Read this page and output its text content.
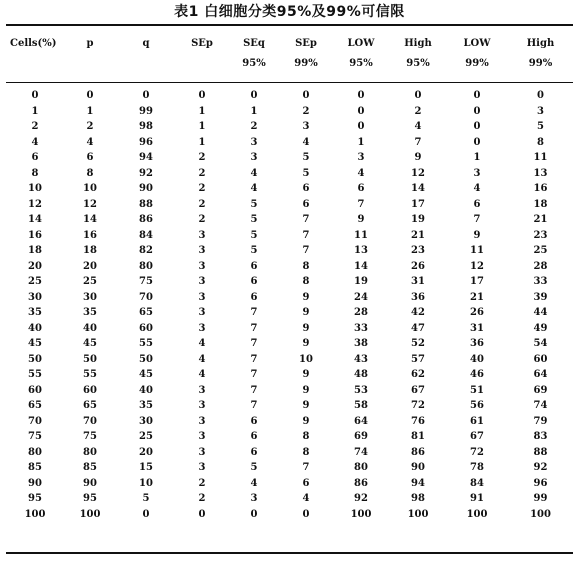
表1 白细胞分类95%及99%可信限
Cells(%)	p	q	SEp	SEq	SEp	LOW	High	LOW	High
				95%	99%	95%	95%	99%	99%
0	0	0	0	0	0	0	0	0	0
1	1	99	1	1	2	0	2	0	3
2	2	98	1	2	3	0	4	0	5
4	4	96	1	3	4	1	7	0	8
6	6	94	2	3	5	3	9	1	11
8	8	92	2	4	5	4	12	3	13
10	10	90	2	4	6	6	14	4	16
12	12	88	2	5	6	7	17	6	18
14	14	86	2	5	7	9	19	7	21
16	16	84	3	5	7	11	21	9	23
18	18	82	3	5	7	13	23	11	25
20	20	80	3	6	8	14	26	12	28
25	25	75	3	6	8	19	31	17	33
30	30	70	3	6	9	24	36	21	39
35	35	65	3	7	9	28	42	26	44
40	40	60	3	7	9	33	47	31	49
45	45	55	4	7	9	38	52	36	54
50	50	50	4	7	10	43	57	40	60
55	55	45	4	7	9	48	62	46	64
60	60	40	3	7	9	53	67	51	69
65	65	35	3	7	9	58	72	56	74
70	70	30	3	6	9	64	76	61	79
75	75	25	3	6	8	69	81	67	83
80	80	20	3	6	8	74	86	72	88
85	85	15	3	5	7	80	90	78	92
90	90	10	2	4	6	86	94	84	96
95	95	5	2	3	4	92	98	91	99
100	100	0	0	0	0	100	100	100	100
